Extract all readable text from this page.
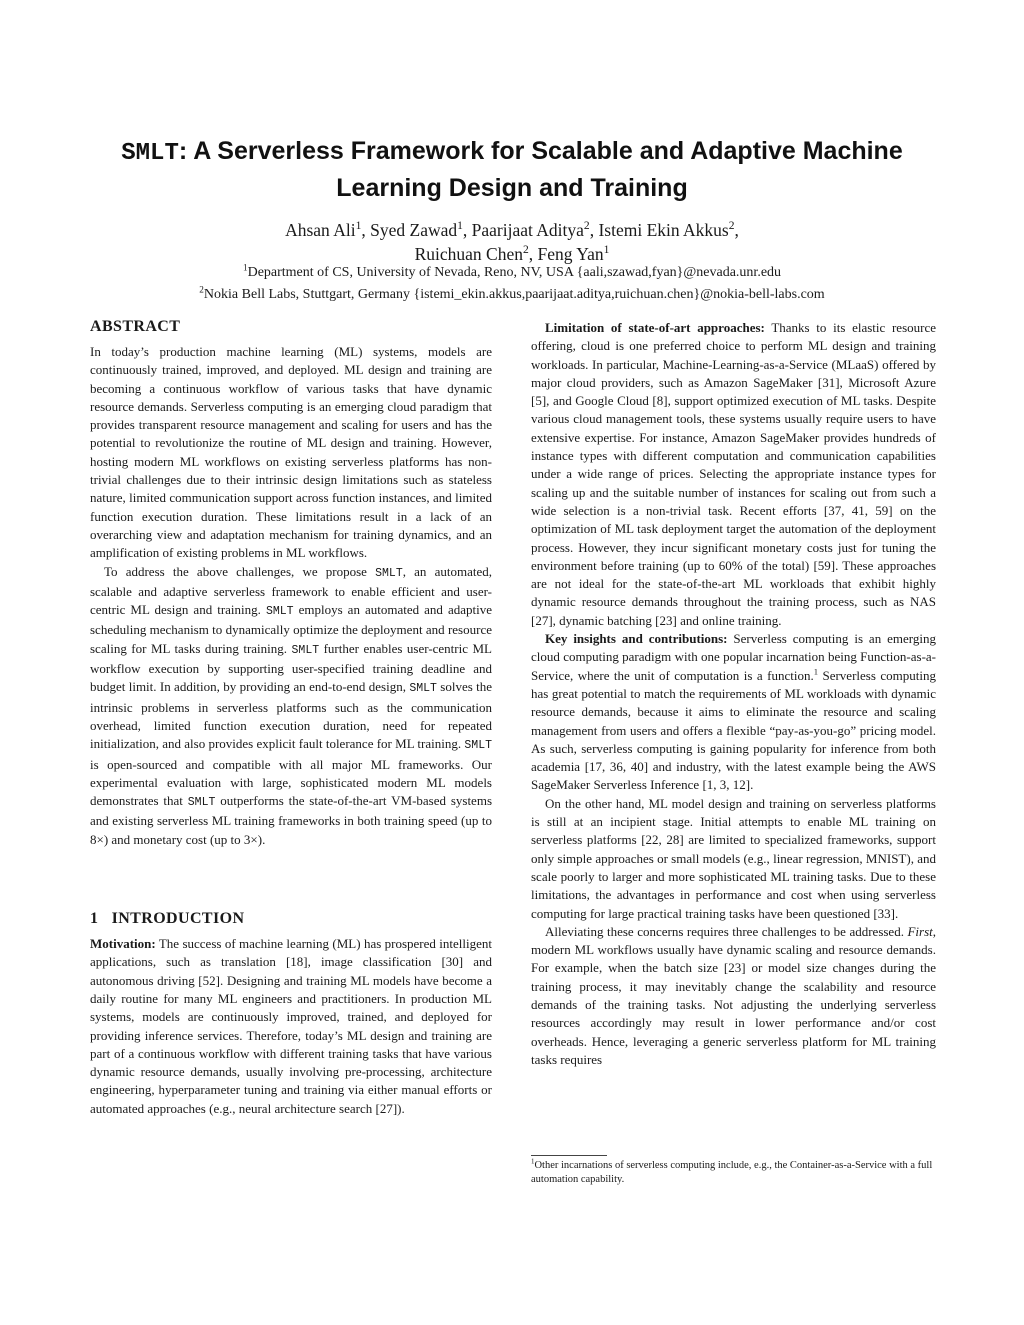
SMLT: A Serverless Framework for Scalable and Adaptive Machine
Learning Design and Training
Ahsan Ali$^1$, Syed Zawad$^1$, Paarijaat Aditya$^2$, Istemi Ekin Akkus$^2$,
Ruichuan Chen$^2$, Feng Yan$^1$
$^1$Department of CS, University of Nevada, Reno, NV, USA {aali,szawad,fyan}@nevada.unr.edu
$^2$Nokia Bell Labs, Stuttgart, Germany {istemi_ekin.akkus,paarijaat.aditya,ruichuan.chen}@nokia-bell-labs.com
ABSTRACT

In today’s production machine learning (ML) systems, models are continuously trained, improved, and deployed. ML design and training are becoming a continuous workflow of various tasks that have dynamic resource demands. Serverless computing is an emerging cloud paradigm that provides transparent resource management and scaling for users and has the potential to revolutionize the routine of ML design and training. However, hosting modern ML workflows on existing serverless platforms has non-trivial challenges due to their intrinsic design limitations such as stateless nature, limited communication support across function instances, and limited function execution duration. These limitations result in a lack of an overarching view and adaptation mechanism for training dynamics, and an amplification of existing problems in ML workflows.

To address the above challenges, we propose SMLT, an automated, scalable and adaptive serverless framework to enable efficient and user-centric ML design and training. SMLT employs an automated and adaptive scheduling mechanism to dynamically optimize the deployment and resource scaling for ML tasks during training. SMLT further enables user-centric ML workflow execution by supporting user-specified training deadline and budget limit. In addition, by providing an end-to-end design, SMLT solves the intrinsic problems in serverless platforms such as the communication overhead, limited function execution duration, need for repeated initialization, and also provides explicit fault tolerance for ML training. SMLT is open-sourced and compatible with all major ML frameworks. Our experimental evaluation with large, sophisticated modern ML models demonstrates that SMLT outperforms the state-of-the-art VM-based systems and existing serverless ML training frameworks in both training speed (up to 8×) and monetary cost (up to 3×).

1   INTRODUCTION

Motivation: The success of machine learning (ML) has prospered intelligent applications, such as translation [18], image classification [30] and autonomous driving [52]. Designing and training ML models have become a daily routine for many ML engineers and practitioners. In production ML systems, models are continuously improved, trained, and deployed for providing inference services. Therefore, today’s ML design and training are part of a continuous workflow with different training tasks that have various dynamic resource demands, usually involving pre-processing, architecture engineering, hyperparameter tuning and training via either manual efforts or automated approaches (e.g., neural architecture search [27]).

Limitation of state-of-art approaches: Thanks to its elastic resource offering, cloud is one preferred choice to perform ML design and training workloads. In particular, Machine-Learning-as-a-Service (MLaaS) offered by major cloud providers, such as Amazon SageMaker [31], Microsoft Azure [5], and Google Cloud [8], support optimized execution of ML tasks. Despite various cloud management tools, these systems usually require users to have extensive expertise. For instance, Amazon SageMaker provides hundreds of instance types with different computation and communication capabilities under a wide range of prices. Selecting the appropriate instance types for scaling up and the suitable number of instances for scaling out from such a wide selection is a non-trivial task. Recent efforts [37, 41, 59] on the optimization of ML task deployment target the automation of the deployment process. However, they incur significant monetary costs just for tuning the environment before training (up to 60% of the total) [59]. These approaches are not ideal for the state-of-the-art ML workloads that exhibit highly dynamic resource demands throughout the training process, such as NAS [27], dynamic batching [23] and online training.

Key insights and contributions: Serverless computing is an emerging cloud computing paradigm with one popular incarnation being Function-as-a-Service, where the unit of computation is a function.$^1$ Serverless computing has great potential to match the requirements of ML workloads with dynamic resource demands, because it aims to eliminate the resource and scaling management from users and offers a flexible “pay-as-you-go” pricing model. As such, serverless computing is gaining popularity for inference from both academia [17, 36, 40] and industry, with the latest example being the AWS SageMaker Serverless Inference [1, 3, 12].

On the other hand, ML model design and training on serverless platforms is still at an incipient stage. Initial attempts to enable ML training on serverless platforms [22, 28] are limited to specialized frameworks, support only simple approaches or small models (e.g., linear regression, MNIST), and scale poorly to larger and more sophisticated ML training tasks. Due to these limitations, the advantages in performance and cost when using serverless computing for large practical training tasks have been questioned [33].

Alleviating these concerns requires three challenges to be addressed. First, modern ML workflows usually have dynamic scaling and resource demands. For example, when the batch size [23] or model size changes during the training process, it may inevitably change the scalability and resource demands of the training tasks. Not adjusting the underlying serverless resources accordingly may result in lower performance and/or cost overheads. Hence, leveraging a generic serverless platform for ML training tasks requires

$^1$Other incarnations of serverless computing include, e.g., the Container-as-a-Service with a full automation capability.
